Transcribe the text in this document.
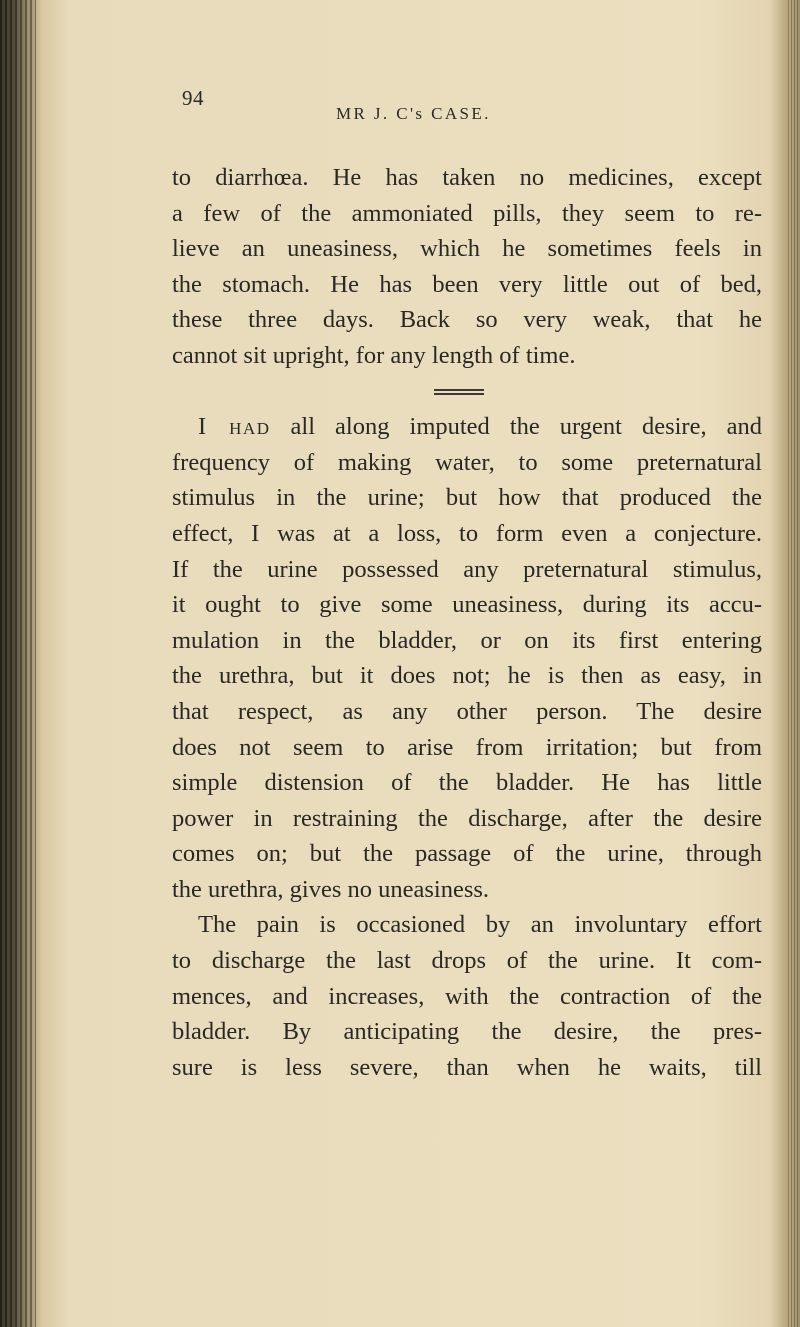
94
MR J. C's CASE.
to diarrhœa. He has taken no medicines, except
a few of the ammoniated pills, they seem to re-
lieve an uneasiness, which he sometimes feels in
the stomach. He has been very little out of bed,
these three days. Back so very weak, that he
cannot sit upright, for any length of time.
I had all along imputed the urgent desire, and
frequency of making water, to some preternatural
stimulus in the urine; but how that produced the
effect, I was at a loss, to form even a conjecture.
If the urine possessed any preternatural stimulus,
it ought to give some uneasiness, during its accu-
mulation in the bladder, or on its first entering
the urethra, but it does not; he is then as easy, in
that respect, as any other person. The desire
does not seem to arise from irritation; but from
simple distension of the bladder. He has little
power in restraining the discharge, after the desire
comes on; but the passage of the urine, through
the urethra, gives no uneasiness.
The pain is occasioned by an involuntary effort
to discharge the last drops of the urine. It com-
mences, and increases, with the contraction of the
bladder. By anticipating the desire, the pres-
sure is less severe, than when he waits, till
